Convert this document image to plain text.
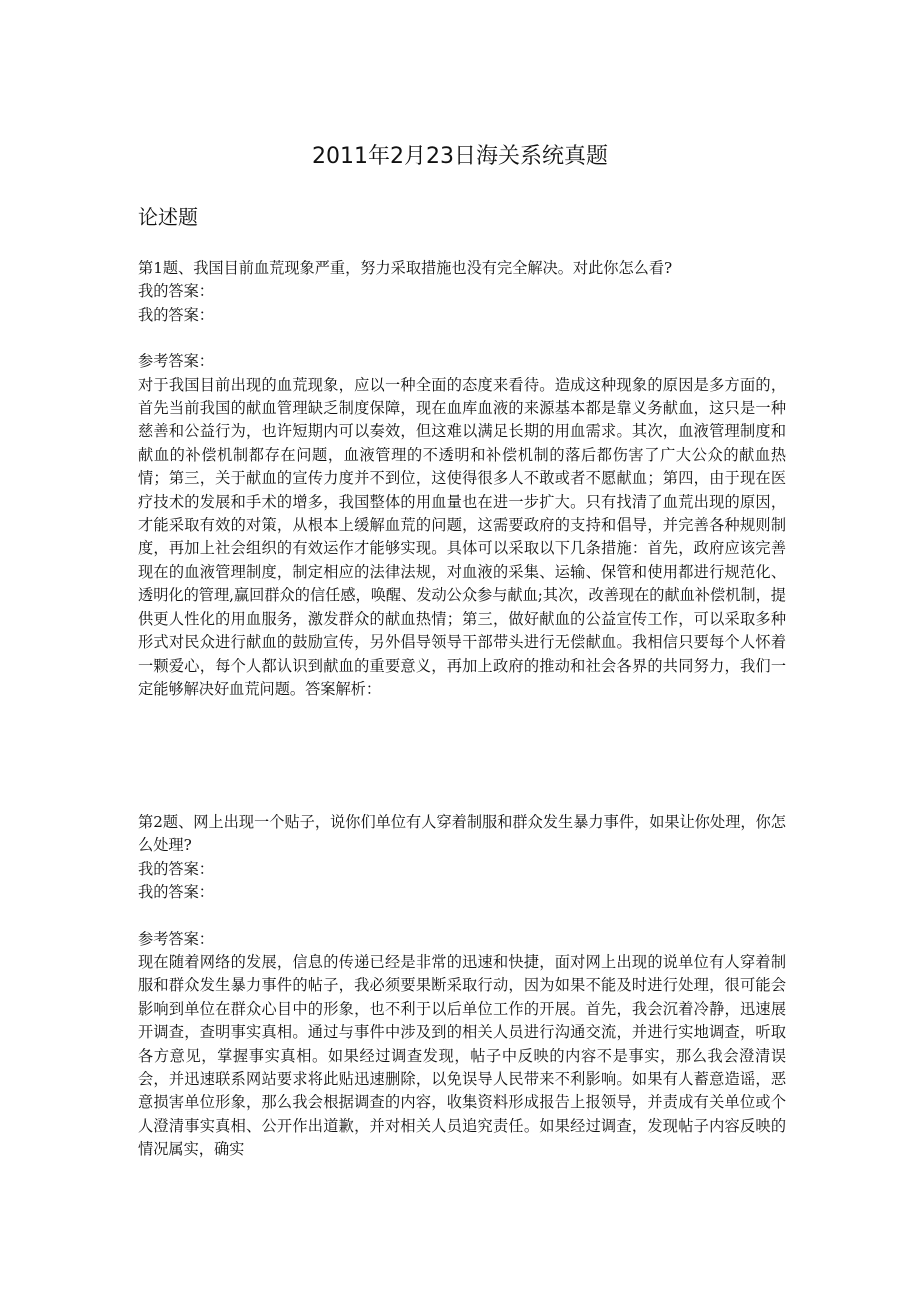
2011年2月23日海关系统真题
论述题

第1题、我国目前血荒现象严重，努力采取措施也没有完全解决。对此你怎么看?

我的答案：

我的答案：

参考答案：

对于我国目前出现的血荒现象，应以一种全面的态度来看待。造成这种现象的原因是多方面的，首先当前我国的献血管理缺乏制度保障，现在血库血液的来源基本都是靠义务献血，这只是一种慈善和公益行为，也许短期内可以奏效，但这难以满足长期的用血需求。其次，血液管理制度和献血的补偿机制都存在问题，血液管理的不透明和补偿机制的落后都伤害了广大公众的献血热情；第三，关于献血的宣传力度并不到位，这使得很多人不敢或者不愿献血；第四，由于现在医疗技术的发展和手术的增多，我国整体的用血量也在进一步扩大。只有找清了血荒出现的原因，才能采取有效的对策，从根本上缓解血荒的问题，这需要政府的支持和倡导，并完善各种规则制度，再加上社会组织的有效运作才能够实现。具体可以采取以下几条措施：首先，政府应该完善现在的血液管理制度，制定相应的法律法规，对血液的采集、运输、保管和使用都进行规范化、透明化的管理,赢回群众的信任感，唤醒、发动公众参与献血;其次，改善现在的献血补偿机制，提供更人性化的用血服务，激发群众的献血热情；第三，做好献血的公益宣传工作，可以采取多种形式对民众进行献血的鼓励宣传，另外倡导领导干部带头进行无偿献血。我相信只要每个人怀着一颗爱心，每个人都认识到献血的重要意义，再加上政府的推动和社会各界的共同努力，我们一定能够解决好血荒问题。答案解析：

第2题、网上出现一个贴子，说你们单位有人穿着制服和群众发生暴力事件，如果让你处理，你怎么处理?

我的答案：

我的答案：

参考答案：

现在随着网络的发展，信息的传递已经是非常的迅速和快捷，面对网上出现的说单位有人穿着制服和群众发生暴力事件的帖子，我必须要果断采取行动，因为如果不能及时进行处理，很可能会影响到单位在群众心目中的形象，也不利于以后单位工作的开展。首先，我会沉着冷静，迅速展开调查，查明事实真相。通过与事件中涉及到的相关人员进行沟通交流，并进行实地调查，听取各方意见，掌握事实真相。如果经过调查发现，帖子中反映的内容不是事实，那么我会澄清误会，并迅速联系网站要求将此贴迅速删除，以免误导人民带来不利影响。如果有人蓄意造谣，恶意损害单位形象，那么我会根据调查的内容，收集资料形成报告上报领导，并责成有关单位或个人澄清事实真相、公开作出道歉，并对相关人员追究责任。如果经过调查，发现帖子内容反映的情况属实，确实
